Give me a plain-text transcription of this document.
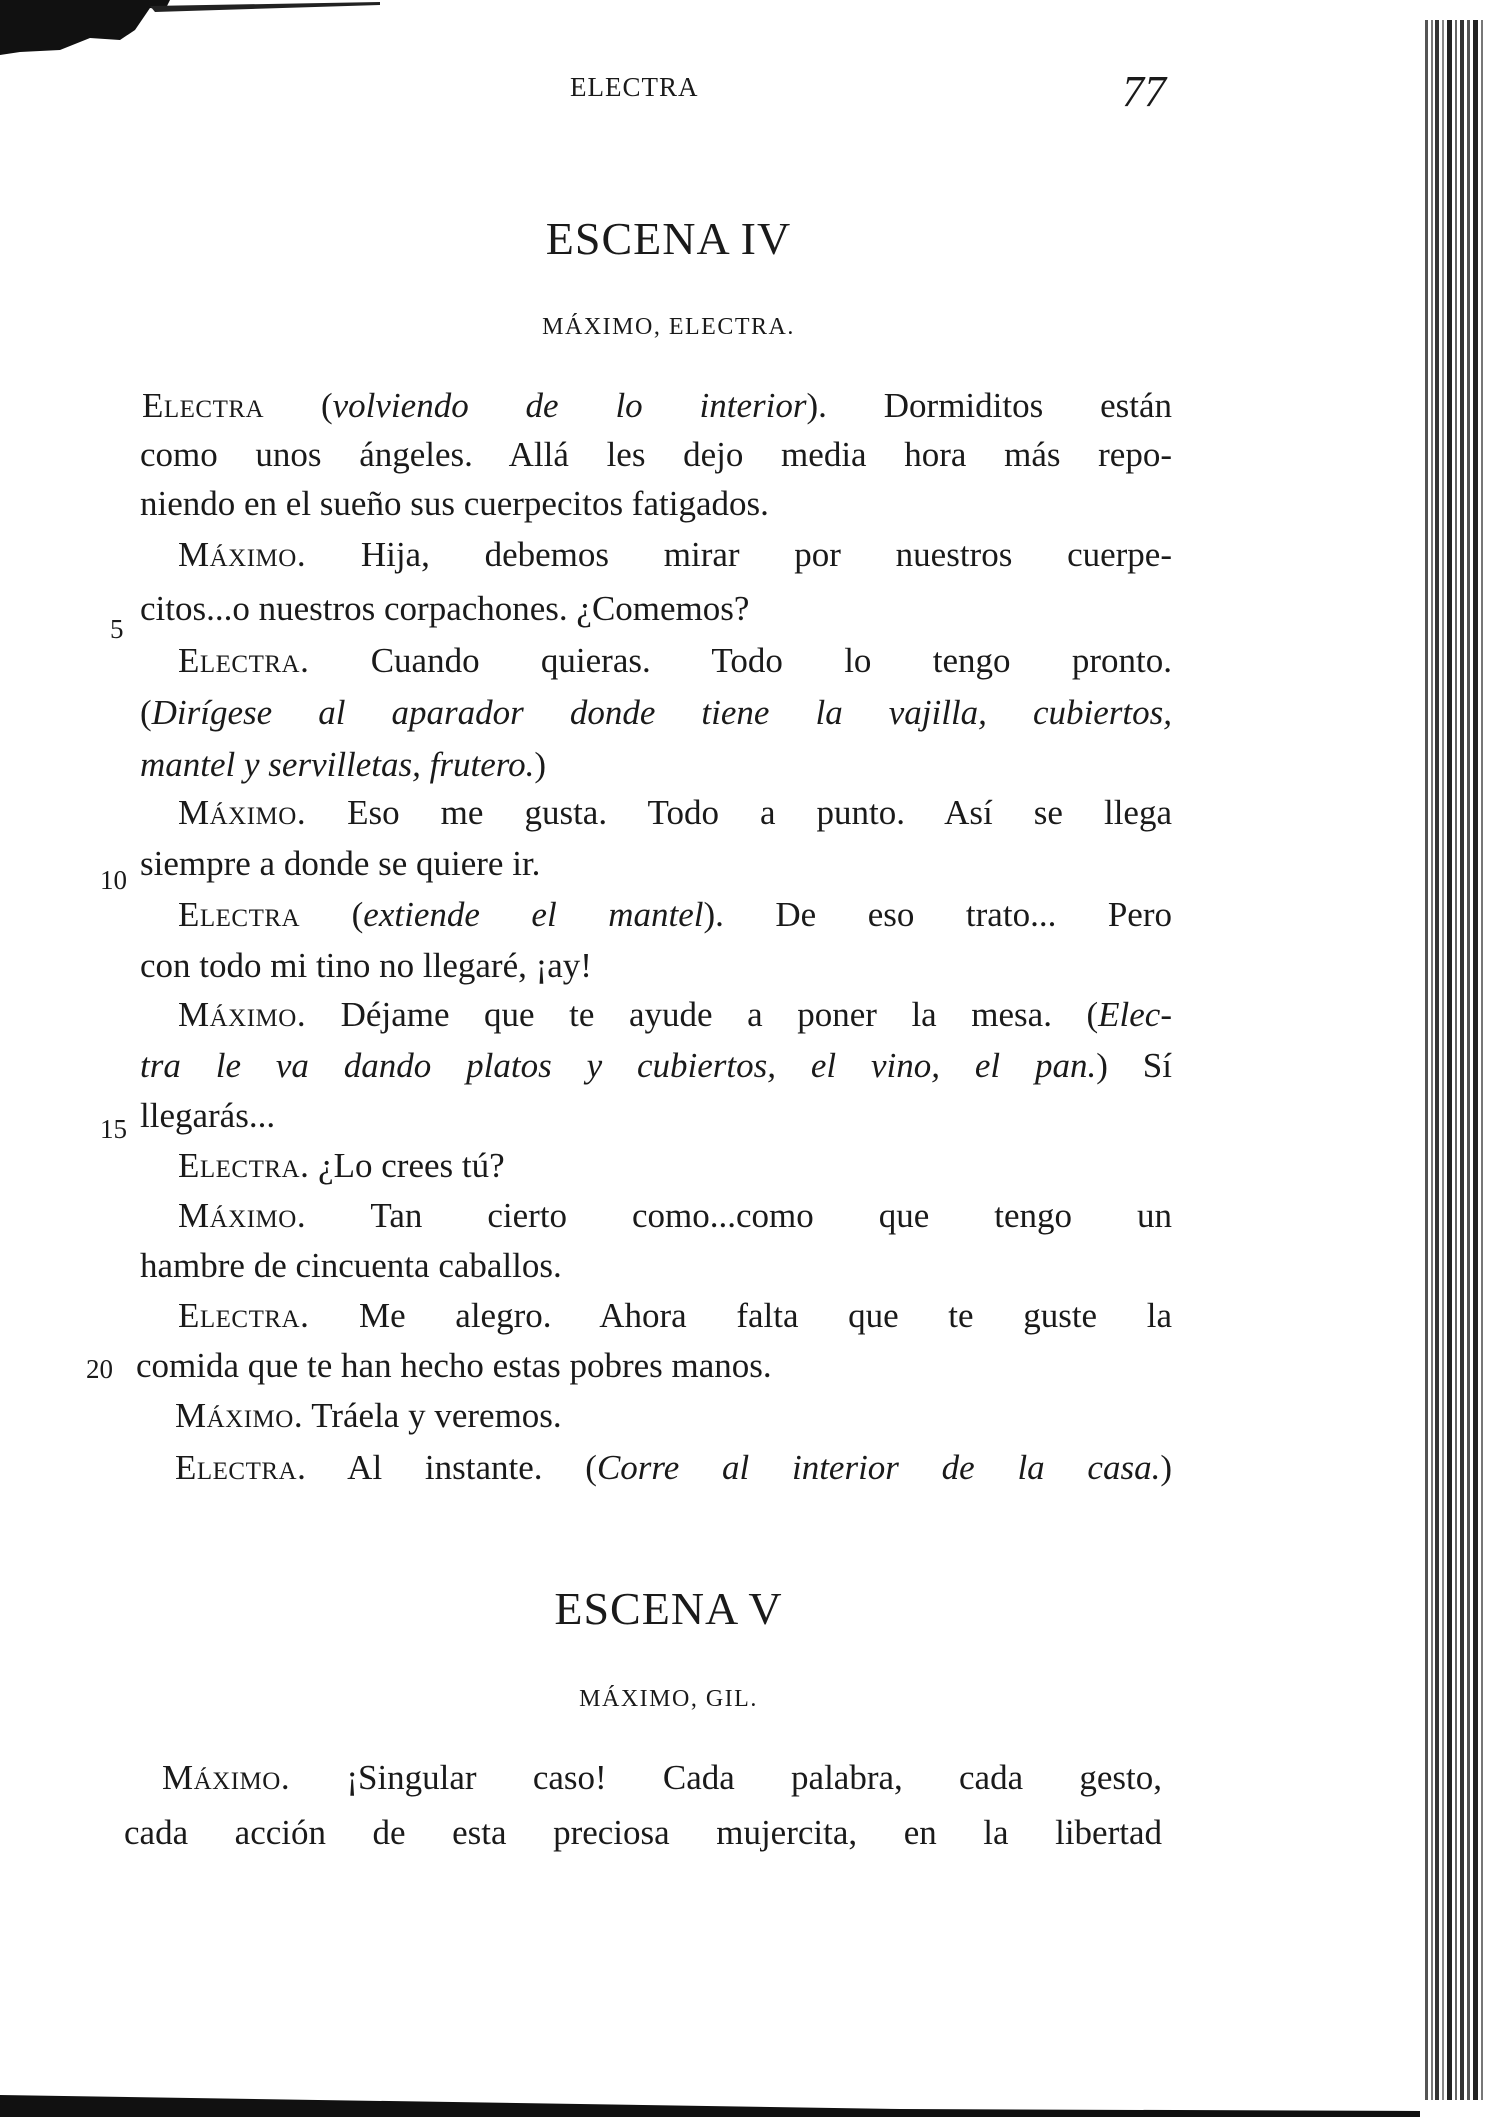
ELECTRA	77
ESCENA IV
MÁXIMO, ELECTRA.
Electra (volviendo de lo interior). Dormiditos están
como unos ángeles. Allá les dejo media hora más repo-
niendo en el sueño sus cuerpecitos fatigados.
Máximo. Hija, debemos mirar por nuestros cuerpe-
5
citos...o nuestros corpachones. ¿Comemos?
Electra. Cuando quieras. Todo lo tengo pronto.
(Dirígese al aparador donde tiene la vajilla, cubiertos,
mantel y servilletas, frutero.)
Máximo. Eso me gusta. Todo a punto. Así se llega
10 siempre a donde se quiere ir.
Electra (extiende el mantel). De eso trato... Pero
con todo mi tino no llegaré, ¡ay!
Máximo. Déjame que te ayude a poner la mesa. (Elec-
tra le va dando platos y cubiertos, el vino, el pan.) Sí
15 llegarás...
Electra. ¿Lo crees tú?
Máximo. Tan cierto como...como que tengo un
hambre de cincuenta caballos.
Electra. Me alegro. Ahora falta que te guste la
20 comida que te han hecho estas pobres manos.
Máximo. Tráela y veremos.
Electra. Al instante. (Corre al interior de la casa.)
ESCENA V
MÁXIMO, GIL.
Máximo. ¡Singular caso! Cada palabra, cada gesto,
cada acción de esta preciosa mujercita, en la libertad
